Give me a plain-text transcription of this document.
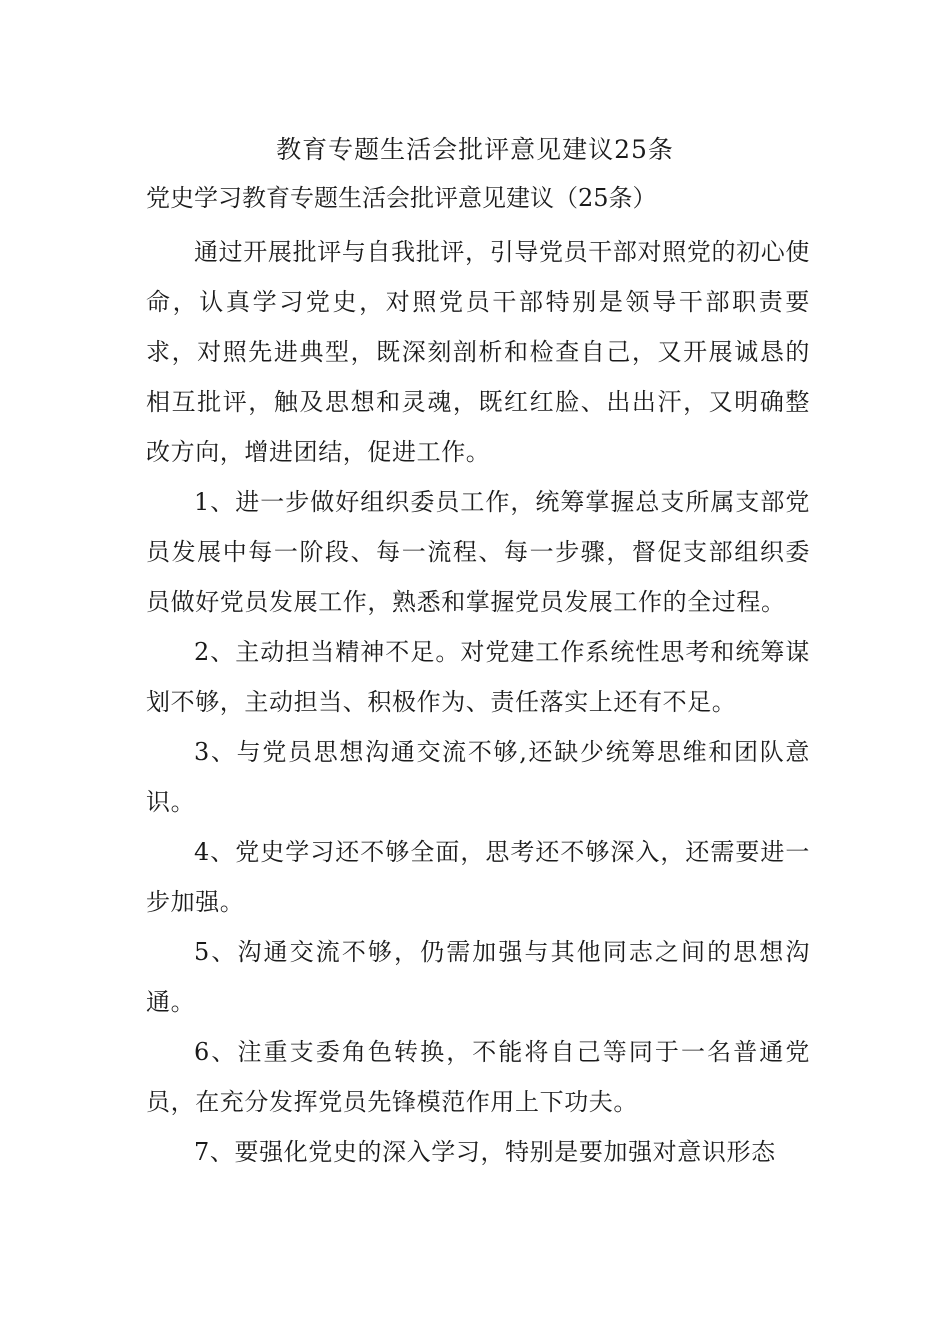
教育专题生活会批评意见建议25条
党史学习教育专题生活会批评意见建议（25条）

通过开展批评与自我批评，引导党员干部对照党的初心使命，认真学习党史，对照党员干部特别是领导干部职责要求，对照先进典型，既深刻剖析和检查自己，又开展诚恳的相互批评，触及思想和灵魂，既红红脸、出出汗，又明确整改方向，增进团结，促进工作。

1、进一步做好组织委员工作，统筹掌握总支所属支部党员发展中每一阶段、每一流程、每一步骤，督促支部组织委员做好党员发展工作，熟悉和掌握党员发展工作的全过程。

2、主动担当精神不足。对党建工作系统性思考和统筹谋划不够，主动担当、积极作为、责任落实上还有不足。

3、与党员思想沟通交流不够,还缺少统筹思维和团队意识。

4、党史学习还不够全面，思考还不够深入，还需要进一步加强。

5、沟通交流不够，仍需加强与其他同志之间的思想沟通。

6、注重支委角色转换，不能将自己等同于一名普通党员，在充分发挥党员先锋模范作用上下功夫。

7、要强化党史的深入学习，特别是要加强对意识形态
